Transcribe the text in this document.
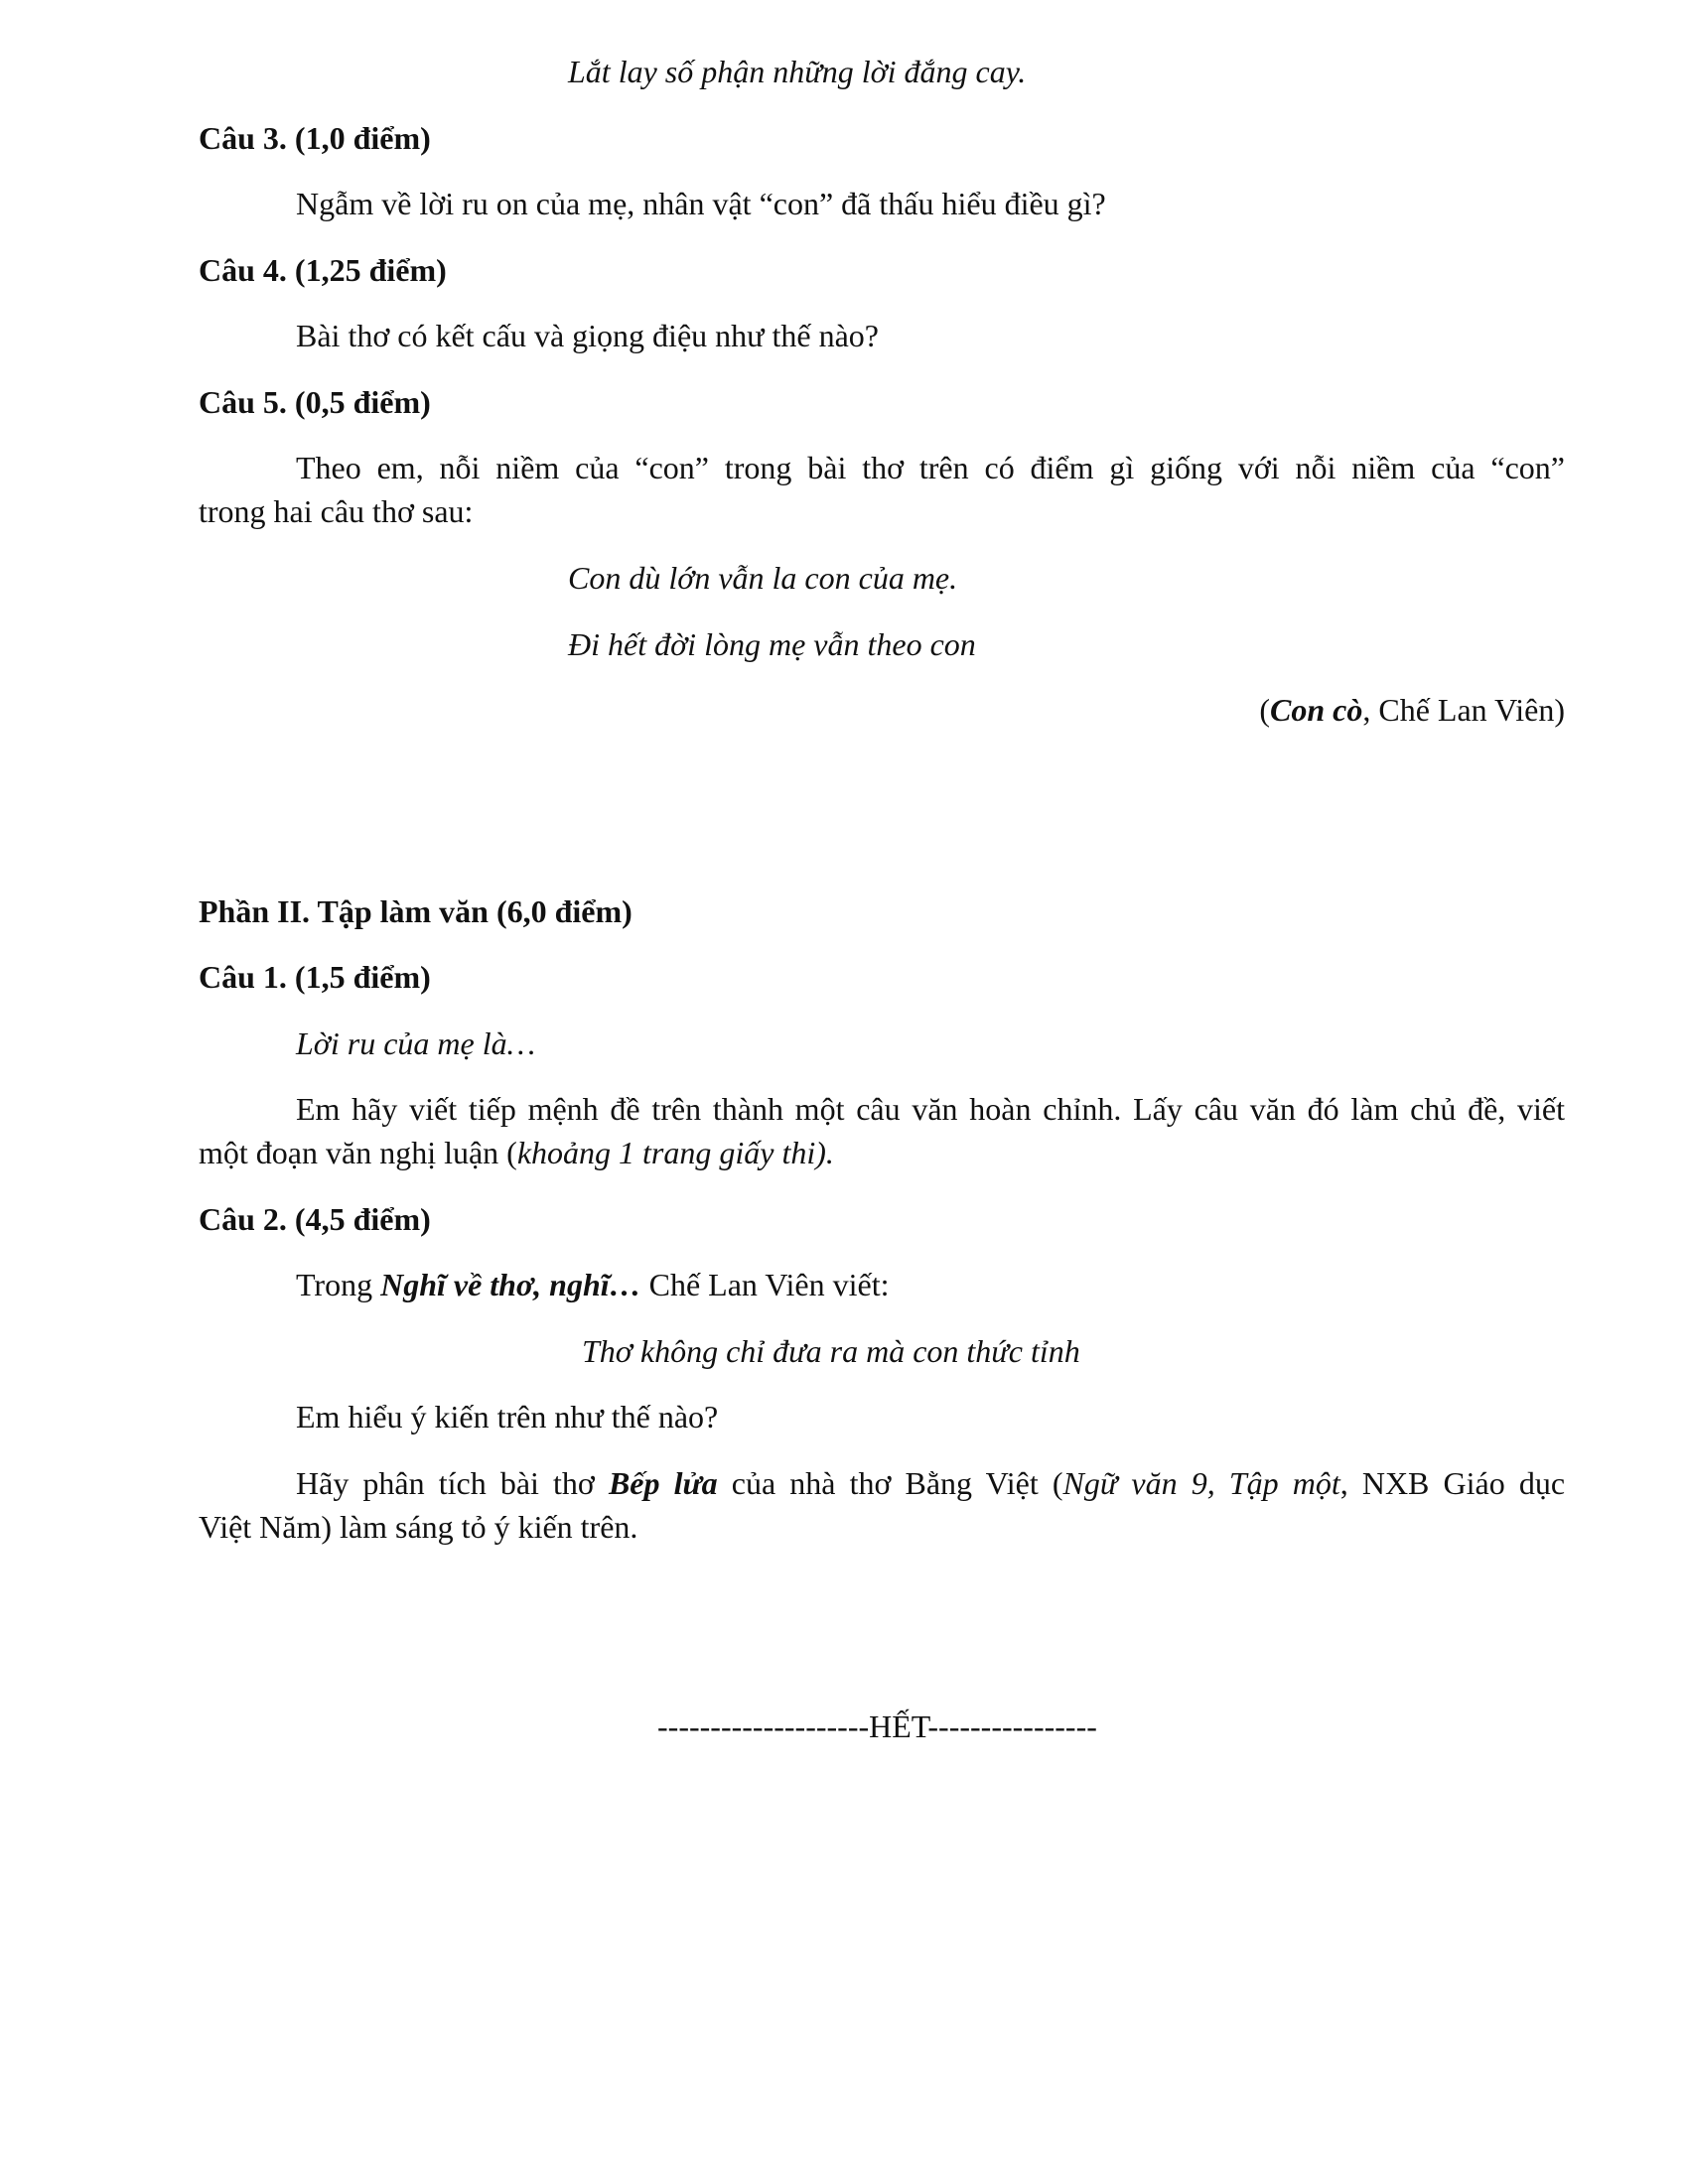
Lắt lay số phận những lời đắng cay.
Câu 3. (1,0 điểm)
Ngẫm về lời ru on của mẹ, nhân vật “con” đã thấu hiểu điều gì?
Câu 4. (1,25 điểm)
Bài thơ có kết cấu và giọng điệu như thế nào?
Câu 5. (0,5 điểm)
Theo em, nỗi niềm của “con” trong bài thơ trên có điểm gì giống với nỗi niềm của “con”
trong hai câu thơ sau:
Con dù lớn vẫn la con của mẹ.
Đi hết đời lòng mẹ vẫn theo con
(Con cò, Chế Lan Viên)
Phần II. Tập làm văn (6,0 điểm)
Câu 1. (1,5 điểm)
Lời ru của mẹ là…
Em hãy viết tiếp mệnh đề trên thành một câu văn hoàn chỉnh. Lấy câu văn đó làm chủ đề, viết
một đoạn văn nghị luận (khoảng 1 trang giấy thi).
Câu 2. (4,5 điểm)
Trong Nghĩ về thơ, nghĩ… Chế Lan Viên viết:
Thơ không chỉ đưa ra mà con thức tỉnh
Em hiểu ý kiến trên như thế nào?
Hãy phân tích bài thơ Bếp lửa của nhà thơ Bằng Việt (Ngữ văn 9, Tập một, NXB Giáo dục
Việt Năm) làm sáng tỏ ý kiến trên.
--------------------HẾT----------------
